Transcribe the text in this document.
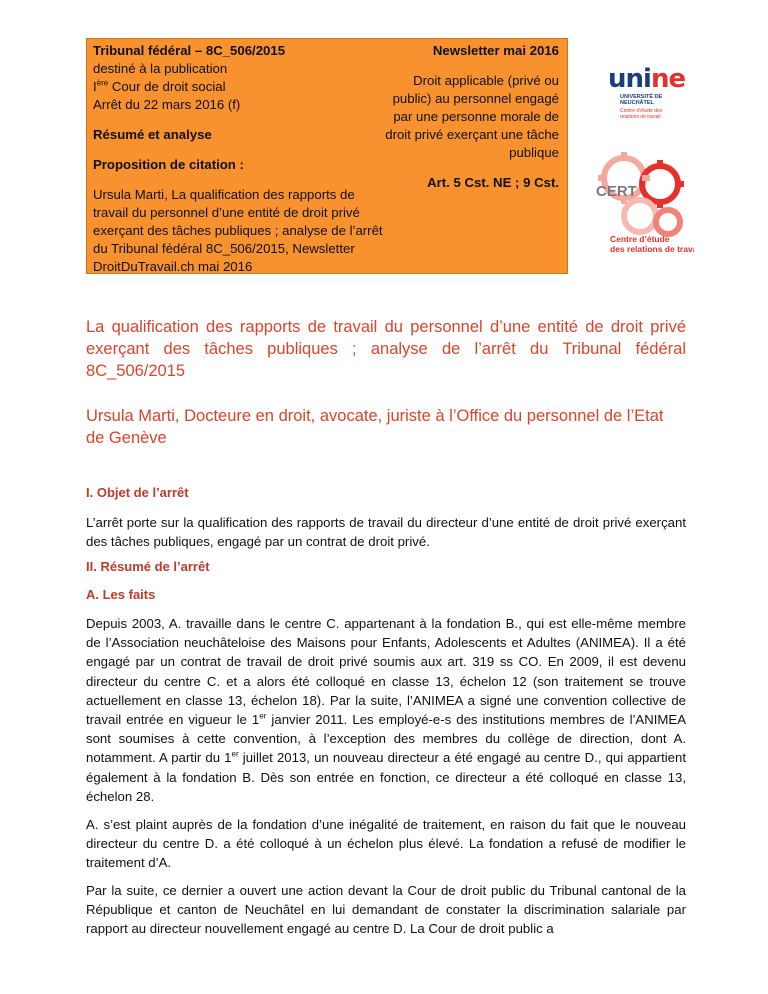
Tribunal fédéral – 8C_506/2015
destiné à la publication
Ière Cour de droit social
Arrêt du 22 mars 2016 (f)
Résumé et analyse
Proposition de citation :
Ursula Marti, La qualification des rapports de travail du personnel d’une entité de droit privé exerçant des tâches publiques ; analyse de l’arrêt du Tribunal fédéral 8C_506/2015, Newsletter DroitDuTravail.ch mai 2016
Newsletter mai 2016
Droit applicable (privé ou public) au personnel engagé par une personne morale de droit privé exerçant une tâche publique
Art. 5 Cst. NE ; 9 Cst.
unine
UNIVERSITÉ DE
NEUCHÂTEL
Centre d’étude des
relations de travail
CERT
Centre d’étude
des relations de travail
La qualification des rapports de travail du personnel d’une entité de droit privé exerçant des tâches publiques ; analyse de l’arrêt du Tribunal fédéral 8C_506/2015
Ursula Marti, Docteure en droit, avocate, juriste à l’Office du personnel de l’Etat de Genève
I. Objet de l’arrêt
L’arrêt porte sur la qualification des rapports de travail du directeur d’une entité de droit privé exerçant des tâches publiques, engagé par un contrat de droit privé.
II. Résumé de l’arrêt
A. Les faits
Depuis 2003, A. travaille dans le centre C. appartenant à la fondation B., qui est elle-même membre de l’Association neuchâteloise des Maisons pour Enfants, Adolescents et Adultes (ANIMEA). Il a été engagé par un contrat de travail de droit privé soumis aux art. 319 ss CO. En 2009, il est devenu directeur du centre C. et a alors été colloqué en classe 13, échelon 12 (son traitement se trouve actuellement en classe 13, échelon 18). Par la suite, l’ANIMEA a signé une convention collective de travail entrée en vigueur le 1er janvier 2011. Les employé-e-s des institutions membres de l’ANIMEA sont soumises à cette convention, à l’exception des membres du collège de direction, dont A. notamment. A partir du 1er juillet 2013, un nouveau directeur a été engagé au centre D., qui appartient également à la fondation B. Dès son entrée en fonction, ce directeur a été colloqué en classe 13, échelon 28.
A. s’est plaint auprès de la fondation d’une inégalité de traitement, en raison du fait que le nouveau directeur du centre D. a été colloqué à un échelon plus élevé. La fondation a refusé de modifier le traitement d’A.
Par la suite, ce dernier a ouvert une action devant la Cour de droit public du Tribunal cantonal de la République et canton de Neuchâtel en lui demandant de constater la discrimination salariale par rapport au directeur nouvellement engagé au centre D. La Cour de droit public a
